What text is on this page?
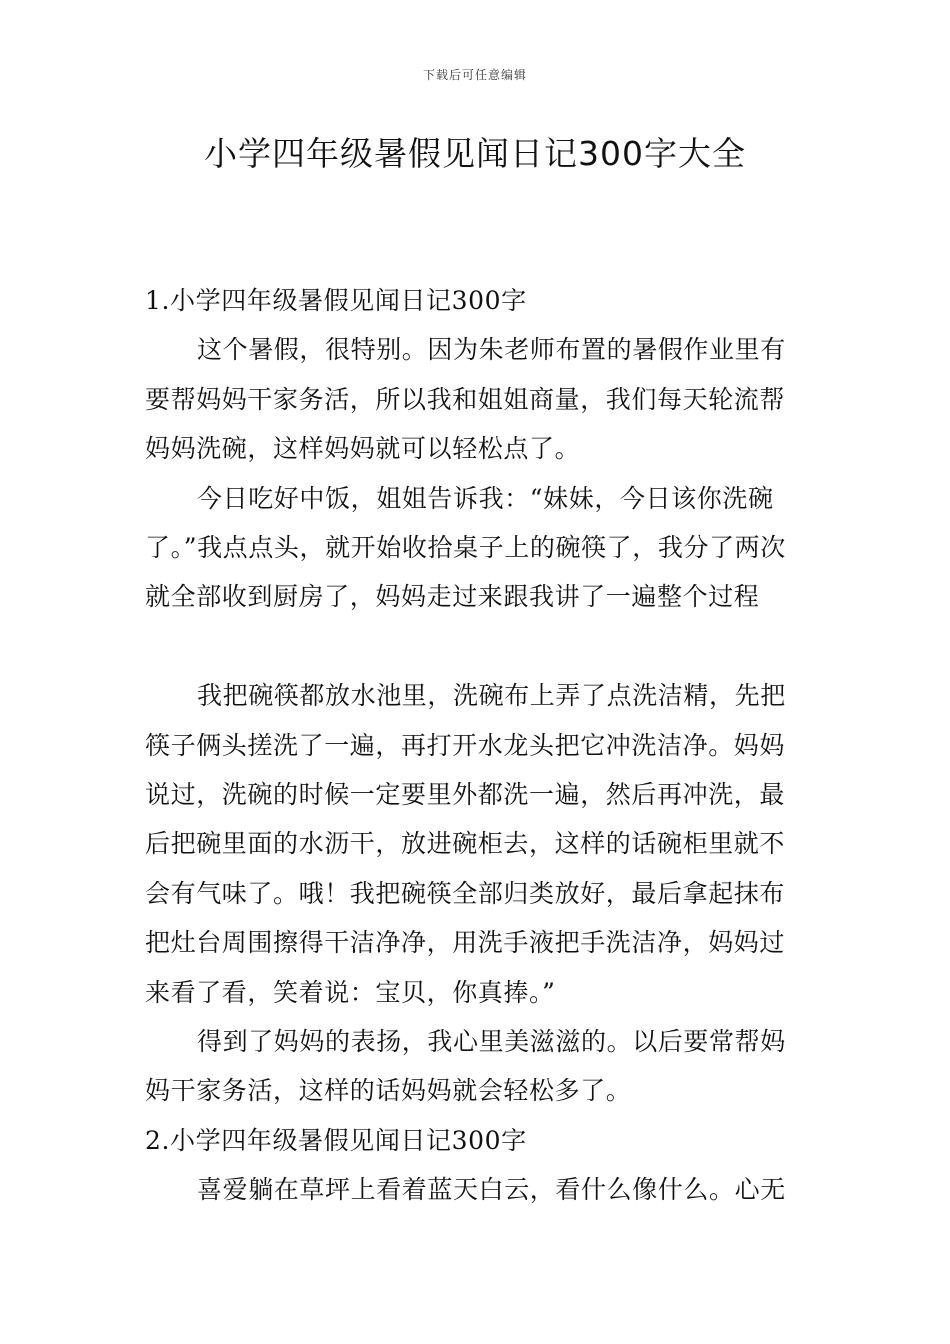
下载后可任意编辑
小学四年级暑假见闻日记300字大全

1.小学四年级暑假见闻日记300字

这个暑假，很特别。因为朱老师布置的暑假作业里有要帮妈妈干家务活，所以我和姐姐商量，我们每天轮流帮妈妈洗碗，这样妈妈就可以轻松点了。

今日吃好中饭，姐姐告诉我：“妹妹，今日该你洗碗了。”我点点头，就开始收拾桌子上的碗筷了，我分了两次就全部收到厨房了，妈妈走过来跟我讲了一遍整个过程

我把碗筷都放水池里，洗碗布上弄了点洗洁精，先把筷子俩头搓洗了一遍，再打开水龙头把它冲洗洁净。妈妈说过，洗碗的时候一定要里外都洗一遍，然后再冲洗，最后把碗里面的水沥干，放进碗柜去，这样的话碗柜里就不会有气味了。哦！我把碗筷全部归类放好，最后拿起抹布把灶台周围擦得干洁净净，用洗手液把手洗洁净，妈妈过来看了看，笑着说：宝贝，你真捧。”

得到了妈妈的表扬，我心里美滋滋的。以后要常帮妈妈干家务活，这样的话妈妈就会轻松多了。

2.小学四年级暑假见闻日记300字

喜爱躺在草坪上看着蓝天白云，看什么像什么。心无
